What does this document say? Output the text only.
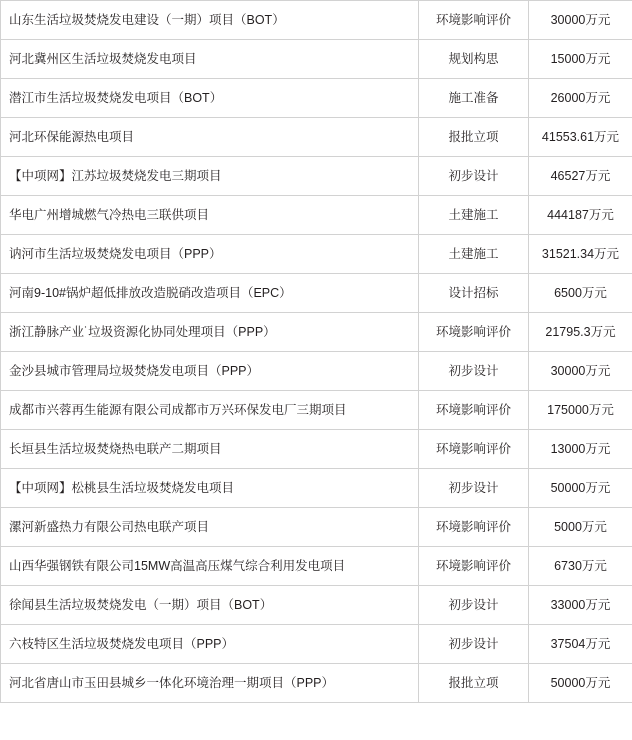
山东生活垃圾焚烧发电建设（一期）项目（BOT）	环境影响评价	30000万元
河北冀州区生活垃圾焚烧发电项目	规划构思	15000万元
潜江市生活垃圾焚烧发电项目（BOT）	施工准备	26000万元
河北环保能源热电项目	报批立项	41553.61万元
【中项网】江苏垃圾焚烧发电三期项目	初步设计	46527万元
华电广州增城燃气冷热电三联供项目	土建施工	444187万元
讷河市生活垃圾焚烧发电项目（PPP）	土建施工	31521.34万元
河南9-10#锅炉超低排放改造脱硝改造项目（EPC）	设计招标	6500万元
浙江静脉产业˙垃圾资源化协同处理项目（PPP）	环境影响评价	21795.3万元
金沙县城市管理局垃圾焚烧发电项目（PPP）	初步设计	30000万元
成都市兴蓉再生能源有限公司成都市万兴环保发电厂三期项目	环境影响评价	175000万元
长垣县生活垃圾焚烧热电联产二期项目	环境影响评价	13000万元
【中项网】松桃县生活垃圾焚烧发电项目	初步设计	50000万元
漯河新盛热力有限公司热电联产项目	环境影响评价	5000万元
山西华强钢铁有限公司15MW高温高压煤气综合利用发电项目	环境影响评价	6730万元
徐闻县生活垃圾焚烧发电（一期）项目（BOT）	初步设计	33000万元
六枝特区生活垃圾焚烧发电项目（PPP）	初步设计	37504万元
河北省唐山市玉田县城乡一体化环境治理一期项目（PPP）	报批立项	50000万元
